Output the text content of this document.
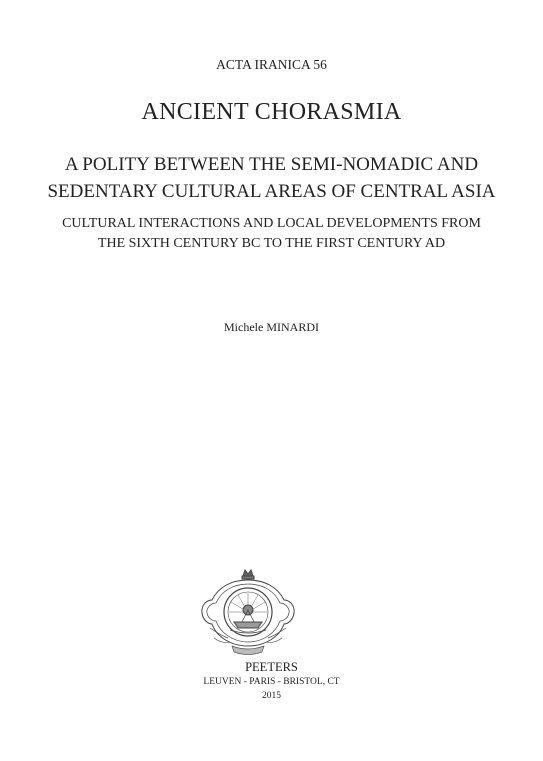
ACTA IRANICA 56
ANCIENT CHORASMIA
A POLITY BETWEEN THE SEMI-NOMADIC AND
SEDENTARY CULTURAL AREAS OF CENTRAL ASIA
CULTURAL INTERACTIONS AND LOCAL DEVELOPMENTS FROM
THE SIXTH CENTURY BC TO THE FIRST CENTURY AD
Michele MINARDI
PEETERS
LEUVEN - PARIS - BRISTOL, CT
2015
